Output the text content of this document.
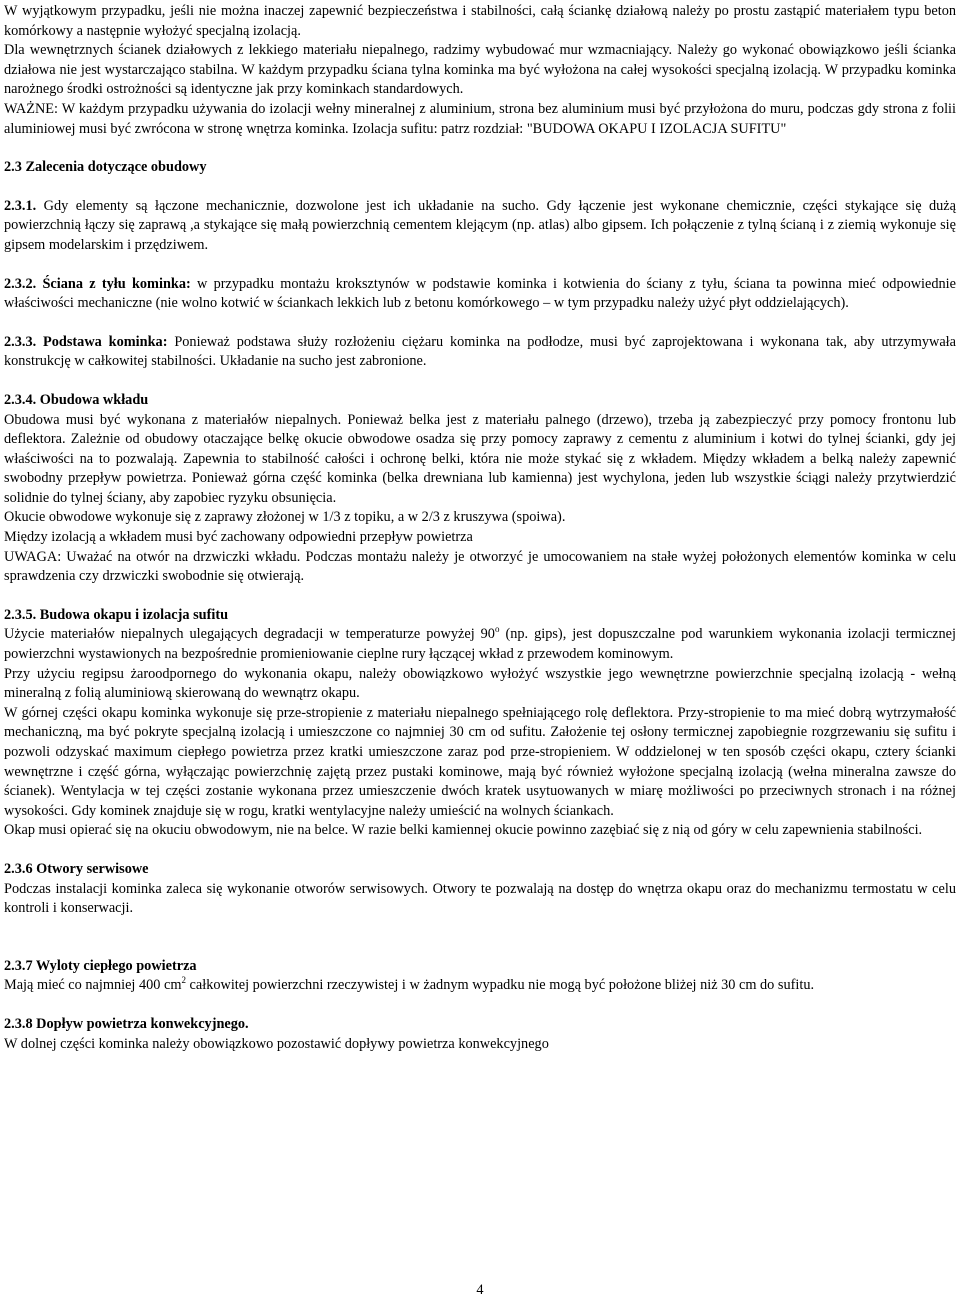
W wyjątkowym przypadku, jeśli nie można inaczej zapewnić bezpieczeństwa i stabilności, całą ściankę działową należy po prostu zastąpić materiałem typu beton komórkowy a następnie wyłożyć specjalną izolacją.

Dla wewnętrznych ścianek działowych z lekkiego materiału niepalnego, radzimy wybudować mur wzmacniający. Należy go wykonać obowiązkowo jeśli ścianka działowa nie jest wystarczająco stabilna. W każdym przypadku ściana tylna kominka ma być wyłożona na całej wysokości specjalną izolacją. W przypadku kominka narożnego środki ostrożności są identyczne jak przy kominkach standardowych.

WAŻNE: W każdym przypadku używania do izolacji wełny mineralnej z aluminium, strona bez aluminium musi być przyłożona do muru, podczas gdy strona z folii aluminiowej musi być zwrócona w stronę wnętrza kominka. Izolacja sufitu: patrz rozdział: "BUDOWA OKAPU I IZOLACJA SUFITU"

2.3 Zalecenia dotyczące obudowy

2.3.1. Gdy elementy są łączone mechanicznie, dozwolone jest ich układanie na sucho. Gdy łączenie jest wykonane chemicznie, części stykające się dużą powierzchnią łączy się zaprawą ,a stykające się małą powierzchnią cementem klejącym (np. atlas) albo gipsem. Ich połączenie z tylną ścianą i z ziemią wykonuje się gipsem modelarskim i przędziwem.

2.3.2. Ściana z tyłu kominka: w przypadku montażu kroksztynów w podstawie kominka i kotwienia do ściany z tyłu, ściana ta powinna mieć odpowiednie właściwości mechaniczne (nie wolno kotwić w ściankach lekkich lub z betonu komórkowego – w tym przypadku należy użyć płyt oddzielających).

2.3.3. Podstawa kominka: Ponieważ podstawa służy rozłożeniu ciężaru kominka na podłodze, musi być zaprojektowana i wykonana tak, aby utrzymywała konstrukcję w całkowitej stabilności. Układanie na sucho jest zabronione.

2.3.4. Obudowa wkładu

Obudowa musi być wykonana z materiałów niepalnych. Ponieważ belka jest z materiału palnego (drzewo), trzeba ją zabezpieczyć przy pomocy frontonu lub deflektora. Zależnie od obudowy otaczające belkę okucie obwodowe osadza się przy pomocy zaprawy z cementu z aluminium i kotwi do tylnej ścianki, gdy jej właściwości na to pozwalają. Zapewnia to stabilność całości i ochronę belki, która nie może stykać się z wkładem. Między wkładem a belką należy zapewnić swobodny przepływ powietrza. Ponieważ górna część kominka (belka drewniana lub kamienna) jest wychylona, jeden lub wszystkie ściągi należy przytwierdzić solidnie do tylnej ściany, aby zapobiec ryzyku obsunięcia.

Okucie obwodowe wykonuje się z zaprawy złożonej w 1/3 z topiku, a w 2/3 z kruszywa (spoiwa).

Między izolacją a wkładem musi być zachowany odpowiedni przepływ powietrza

UWAGA: Uważać na otwór na drzwiczki wkładu. Podczas montażu należy je otworzyć je umocowaniem na stałe wyżej położonych elementów kominka w celu sprawdzenia czy drzwiczki swobodnie się otwierają.

2.3.5. Budowa okapu i izolacja sufitu

Użycie materiałów niepalnych ulegających degradacji w temperaturze powyżej 90$^o$ (np. gips), jest dopuszczalne pod warunkiem wykonania izolacji termicznej powierzchni wystawionych na bezpośrednie promieniowanie cieplne rury łączącej wkład z przewodem kominowym.

Przy użyciu regipsu żaroodpornego do wykonania okapu, należy obowiązkowo wyłożyć wszystkie jego wewnętrzne powierzchnie specjalną izolacją - wełną mineralną z folią aluminiową skierowaną do wewnątrz okapu.

W górnej części okapu kominka wykonuje się prze-stropienie z materiału niepalnego spełniającego rolę deflektora. Przy-stropienie to ma mieć dobrą wytrzymałość mechaniczną, ma być pokryte specjalną izolacją i umieszczone co najmniej 30 cm od sufitu. Założenie tej osłony termicznej zapobiegnie rozgrzewaniu się sufitu i pozwoli odzyskać maximum ciepłego powietrza przez kratki umieszczone zaraz pod prze-stropieniem. W oddzielonej w ten sposób części okapu, cztery ścianki wewnętrzne i część górna, wyłączając powierzchnię zajętą przez pustaki kominowe, mają być również wyłożone specjalną izolacją (wełna mineralna zawsze do ścianek). Wentylacja w tej części zostanie wykonana przez umieszczenie dwóch kratek usytuowanych w miarę możliwości po przeciwnych stronach i na różnej wysokości. Gdy kominek znajduje się w rogu, kratki wentylacyjne należy umieścić na wolnych ściankach.

Okap musi opierać się na okuciu obwodowym, nie na belce. W razie belki kamiennej okucie powinno zazębiać się z nią od góry w celu zapewnienia stabilności.

2.3.6 Otwory serwisowe

Podczas instalacji kominka zaleca się wykonanie otworów serwisowych. Otwory te pozwalają na dostęp do wnętrza okapu oraz do mechanizmu termostatu w celu kontroli i konserwacji.

2.3.7 Wyloty ciepłego powietrza

Mają mieć co najmniej 400 $cm^2$ całkowitej powierzchni rzeczywistej i w żadnym wypadku nie mogą być położone bliżej niż 30 cm do sufitu.

2.3.8 Dopływ powietrza konwekcyjnego.

W dolnej części kominka należy obowiązkowo pozostawić dopływy powietrza konwekcyjnego

4
